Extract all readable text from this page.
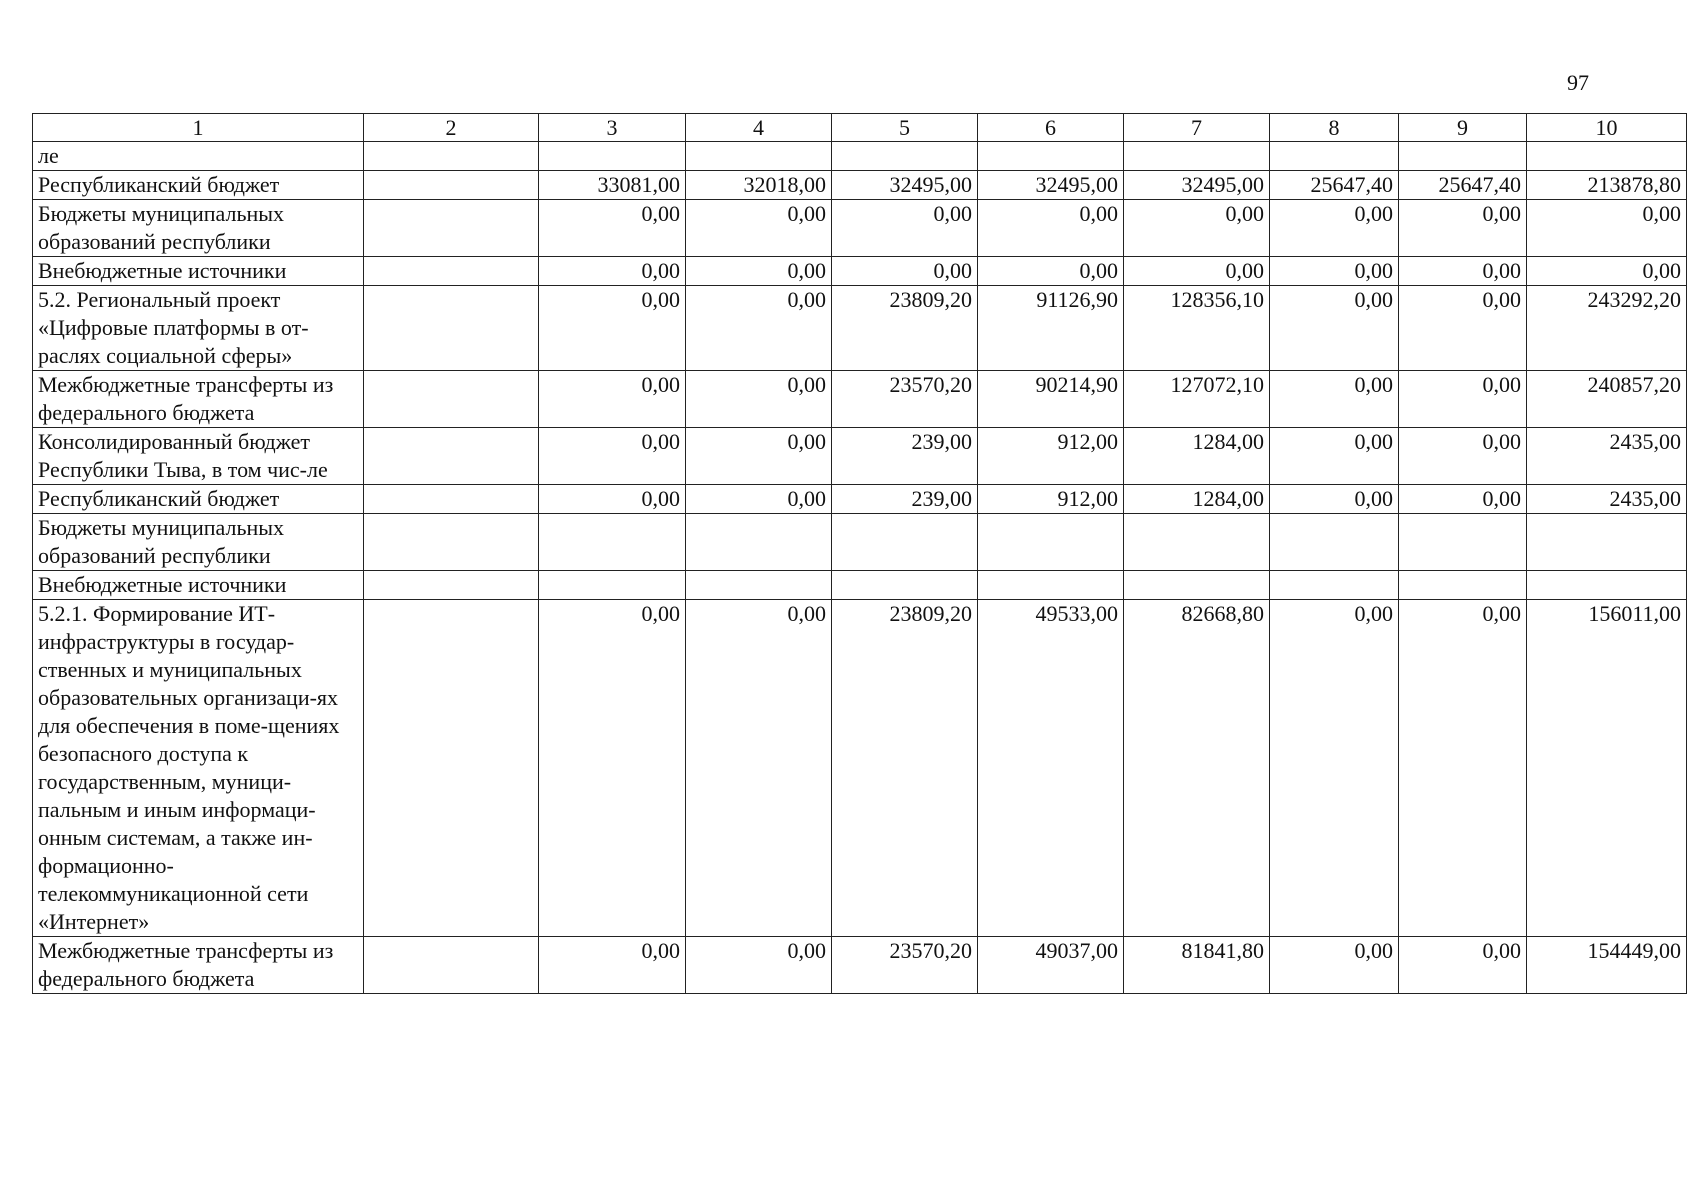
97
1	2	3	4	5	6	7	8	9	10
ле									
Республиканский бюджет		33081,00	32018,00	32495,00	32495,00	32495,00	25647,40	25647,40	213878,80
Бюджеты муниципальных образований республики		0,00	0,00	0,00	0,00	0,00	0,00	0,00	0,00
Внебюджетные источники		0,00	0,00	0,00	0,00	0,00	0,00	0,00	0,00
5.2. Региональный проект «Цифровые платформы в от-раслях социальной сферы»		0,00	0,00	23809,20	91126,90	128356,10	0,00	0,00	243292,20
Межбюджетные трансферты из федерального бюджета		0,00	0,00	23570,20	90214,90	127072,10	0,00	0,00	240857,20
Консолидированный бюджет Республики Тыва, в том чис-ле		0,00	0,00	239,00	912,00	1284,00	0,00	0,00	2435,00
Республиканский бюджет		0,00	0,00	239,00	912,00	1284,00	0,00	0,00	2435,00
Бюджеты муниципальных образований республики									
Внебюджетные источники									
5.2.1. Формирование ИТ-инфраструктуры в государ-ственных и муниципальных образовательных организаци-ях для обеспечения в поме-щениях безопасного доступа к государственным, муници-пальным и иным информаци-онным системам, а также ин-формационно-телекоммуникационной сети «Интернет»		0,00	0,00	23809,20	49533,00	82668,80	0,00	0,00	156011,00
Межбюджетные трансферты из федерального бюджета		0,00	0,00	23570,20	49037,00	81841,80	0,00	0,00	154449,00
